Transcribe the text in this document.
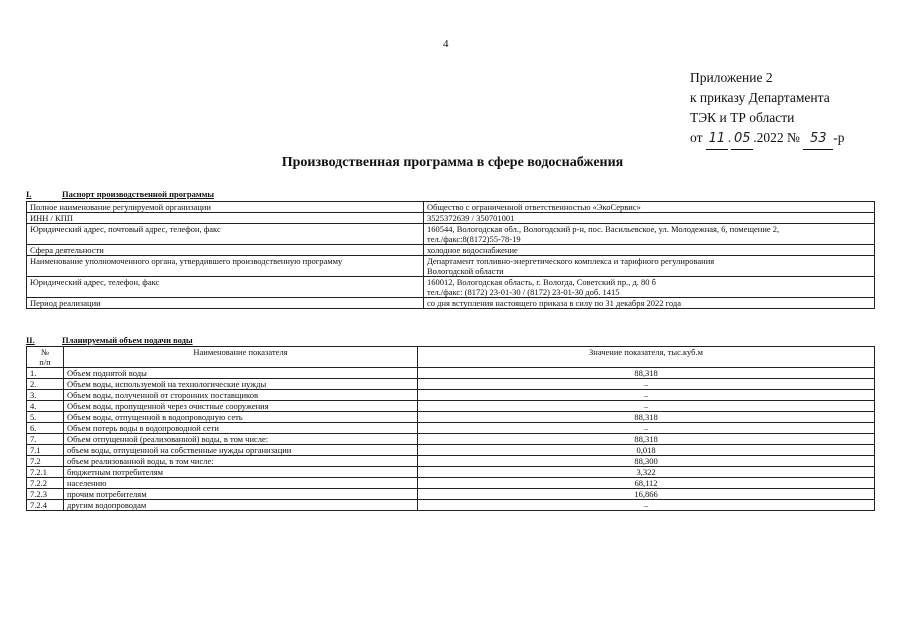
4
Приложение 2
к приказу Департамента
ТЭК и ТР области
от 11 . 05 .2022 № 53 -р
Производственная программа в сфере водоснабжения
I.	Паспорт производственной программы
Полное наименование регулируемой организации	Общество с ограниченной ответственностью «ЭкоСервис»

ИНН / КПП	3525372639 / 350701001

Юридический адрес, почтовый адрес, телефон, факс	160544, Вологодская обл., Вологодский р-н, пос. Васильевское, ул. Молодежная, 6, помещение 2,
тел./факс:8(8172)55-78-19

Сфера деятельности	холодное водоснабжение

Наименование уполномоченного органа, утвердившего производственную программу	Департамент топливно-энергетического комплекса и тарифного регулирования
Вологодской области

Юридический адрес, телефон, факс	160012, Вологодская область, г. Вологда, Советский пр., д. 80 б
тел./факс: (8172) 23-01-30 / (8172) 23-01-30 доб. 1415

Период реализации	со дня вступления настоящего приказа в силу по 31 декабря 2022 года
II.	Планируемый объем подачи воды
№
п/п	Наименование показателя	Значение показателя, тыс.куб.м
1.	Объем поднятой воды	88,318
2.	Объем воды, используемой на технологические нужды	–
3.	Объем воды, полученной от сторонних поставщиков	–
4.	Объем воды, пропущенной через очистные сооружения	–
5.	Объем воды, отпущенной в водопроводную сеть	88,318
6.	Объем потерь воды в водопроводной сети	–
7.	Объем отпущенной (реализованной) воды, в том числе:	88,318
7.1	объем воды, отпущенной на собственные нужды организации	0,018
7.2	объем реализованной воды, в том числе:	88,300
7.2.1	бюджетным потребителям	3,322
7.2.2	населению	68,112
7.2.3	прочим потребителям	16,866
7.2.4	другим водопроводам	–
